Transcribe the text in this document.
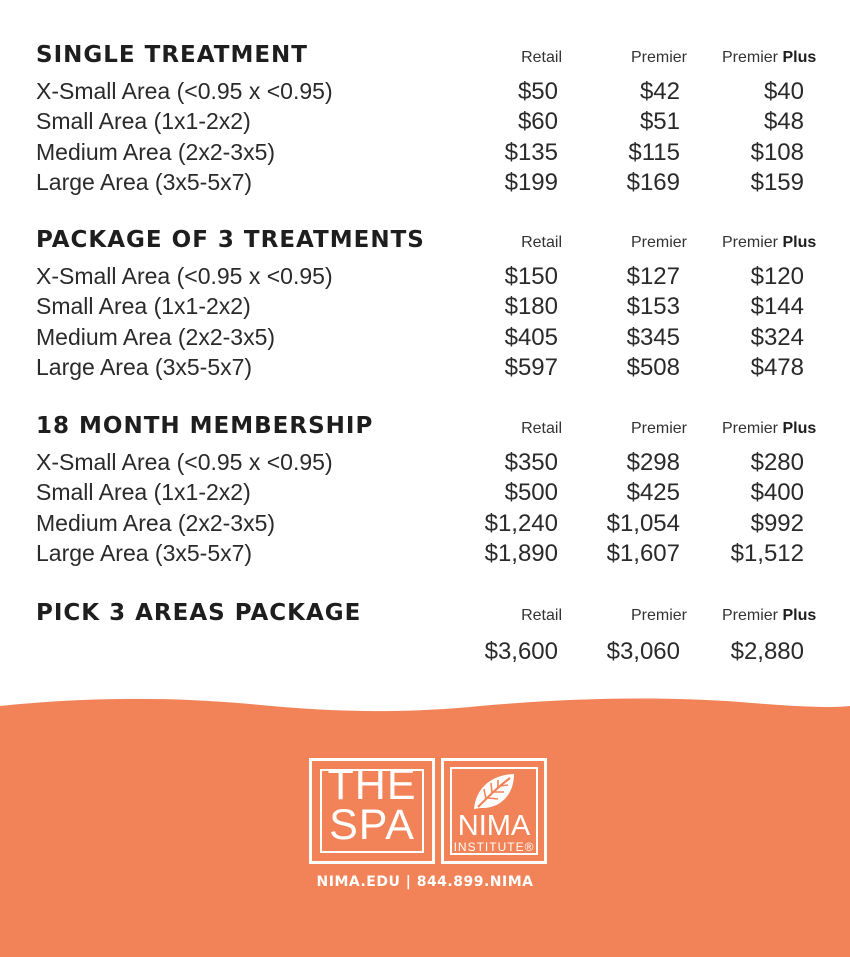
SINGLE TREATMENT	Retail	Premier Premier Plus
X-Small Area (<0.95 x <0.95)	$50	$42	$40
Small Area (1x1-2x2)	$60	$51	$48
Medium Area (2x2-3x5)	$135	$115	$108
Large Area (3x5-5x7)	$199	$169	$159
PACKAGE OF 3 TREATMENTS	Retail	Premier Premier Plus
X-Small Area (<0.95 x <0.95)	$150	$127	$120
Small Area (1x1-2x2)	$180	$153	$144
Medium Area (2x2-3x5)	$405	$345	$324
Large Area (3x5-5x7)	$597	$508	$478
18 MONTH MEMBERSHIP	Retail	Premier Premier Plus
X-Small Area (<0.95 x <0.95)	$350	$298	$280
Small Area (1x1-2x2)	$500	$425	$400
Medium Area (2x2-3x5)	$1,240 $1,054	$992
Large Area (3x5-5x7)	$1,890 $1,607 $1,512
PICK 3 AREAS PACKAGE	Retail	Premier Premier Plus
$3,600 $3,060 $2,880
THE
SPA	NIMA
INSTITUTE®
NIMA.EDU | 844.899.NIMA
